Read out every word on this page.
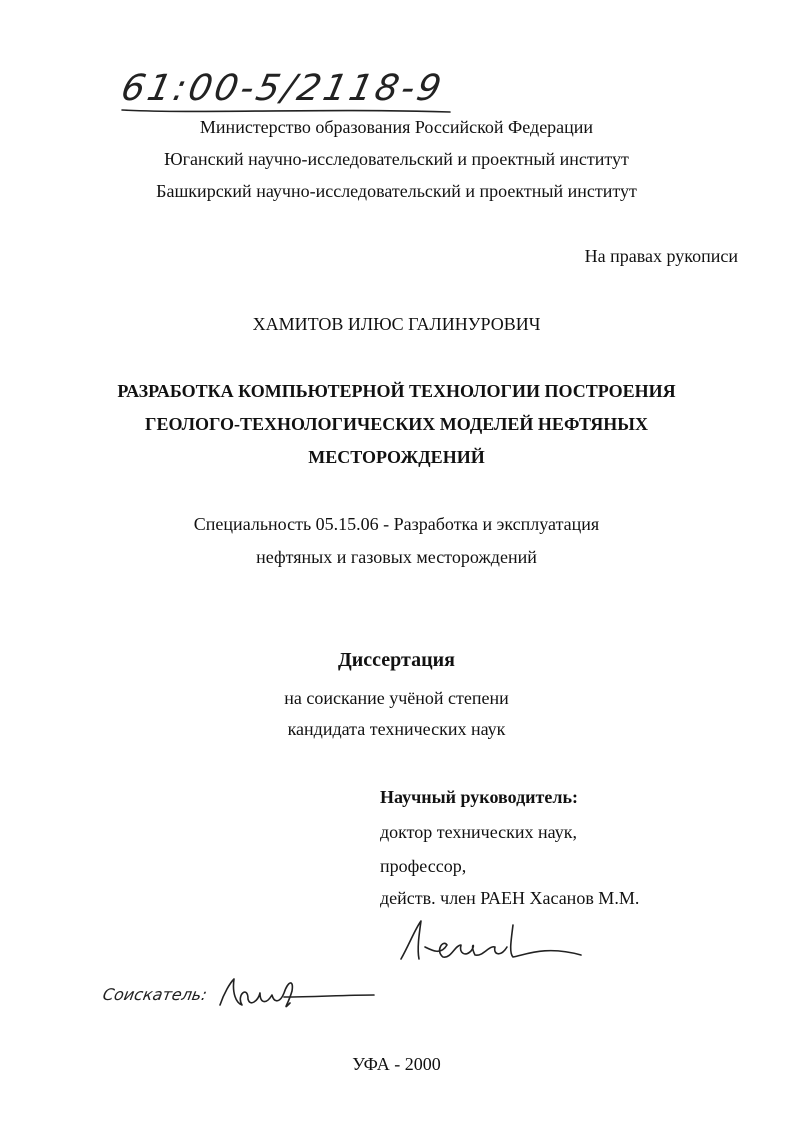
61:00-5/2118-9
Министерство образования Российской Федерации
Юганский научно-исследовательский и проектный институт
Башкирский научно-исследовательский и проектный институт
На правах рукописи
ХАМИТОВ ИЛЮС ГАЛИНУРОВИЧ
РАЗРАБОТКА КОМПЬЮТЕРНОЙ ТЕХНОЛОГИИ ПОСТРОЕНИЯ
ГЕОЛОГО-ТЕХНОЛОГИЧЕСКИХ МОДЕЛЕЙ НЕФТЯНЫХ
МЕСТОРОЖДЕНИЙ
Специальность 05.15.06 - Разработка и эксплуатация
нефтяных и газовых месторождений
Диссертация
на соискание учёной степени
кандидата технических наук
Научный руководитель:
доктор технических наук,
профессор,
действ. член РАЕН Хасанов М.М.
Соискатель:
УФА - 2000
